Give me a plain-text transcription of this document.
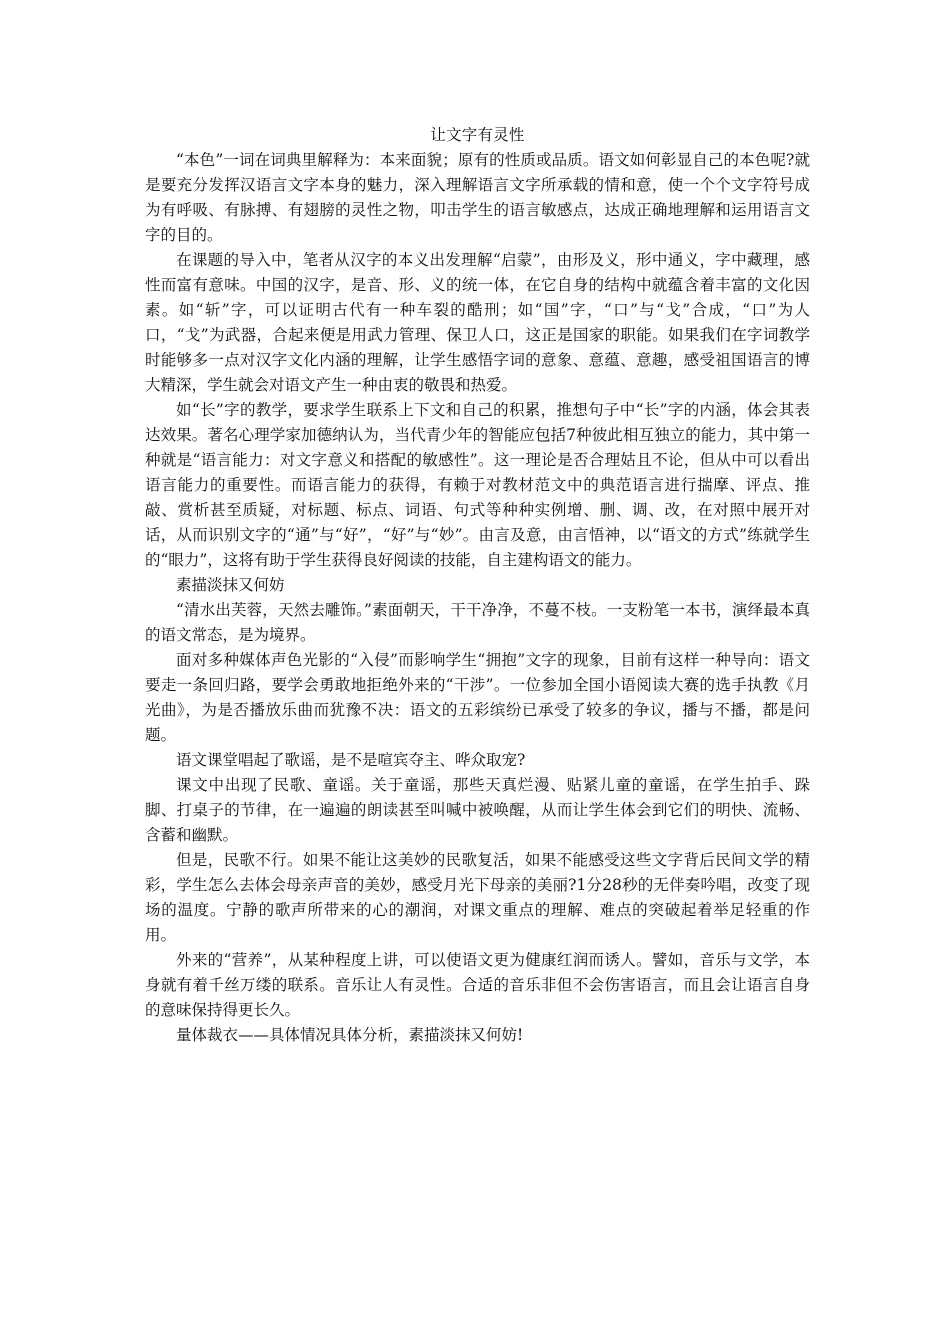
让文字有灵性

“本色”一词在词典里解释为：本来面貌；原有的性质或品质。语文如何彰显自己的本色呢?就是要充分发挥汉语言文字本身的魅力，深入理解语言文字所承载的情和意，使一个个文字符号成为有呼吸、有脉搏、有翅膀的灵性之物，叩击学生的语言敏感点，达成正确地理解和运用语言文字的目的。

在课题的导入中，笔者从汉字的本义出发理解“启蒙”，由形及义，形中通义，字中藏理，感性而富有意味。中国的汉字，是音、形、义的统一体，在它自身的结构中就蕴含着丰富的文化因素。如“斩”字，可以证明古代有一种车裂的酷刑；如“国”字，“口”与“戈”合成，“口”为人口，“戈”为武器，合起来便是用武力管理、保卫人口，这正是国家的职能。如果我们在字词教学时能够多一点对汉字文化内涵的理解，让学生感悟字词的意象、意蕴、意趣，感受祖国语言的博大精深，学生就会对语文产生一种由衷的敬畏和热爱。

如“长”字的教学，要求学生联系上下文和自己的积累，推想句子中“长”字的内涵，体会其表达效果。著名心理学家加德纳认为，当代青少年的智能应包括7种彼此相互独立的能力，其中第一种就是“语言能力：对文字意义和搭配的敏感性”。这一理论是否合理姑且不论，但从中可以看出语言能力的重要性。而语言能力的获得，有赖于对教材范文中的典范语言进行揣摩、评点、推敲、赏析甚至质疑，对标题、标点、词语、句式等种种实例增、删、调、改，在对照中展开对话，从而识别文字的“通”与“好”，“好”与“妙”。由言及意，由言悟神，以“语文的方式”练就学生的“眼力”，这将有助于学生获得良好阅读的技能，自主建构语文的能力。

素描淡抹又何妨

“清水出芙蓉，天然去雕饰。”素面朝天，干干净净，不蔓不枝。一支粉笔一本书，演绎最本真的语文常态，是为境界。

面对多种媒体声色光影的“入侵”而影响学生“拥抱”文字的现象，目前有这样一种导向：语文要走一条回归路，要学会勇敢地拒绝外来的“干涉”。一位参加全国小语阅读大赛的选手执教《月光曲》，为是否播放乐曲而犹豫不决：语文的五彩缤纷已承受了较多的争议，播与不播，都是问题。

语文课堂唱起了歌谣，是不是喧宾夺主、哗众取宠?

课文中出现了民歌、童谣。关于童谣，那些天真烂漫、贴紧儿童的童谣，在学生拍手、跺脚、打桌子的节律，在一遍遍的朗读甚至叫喊中被唤醒，从而让学生体会到它们的明快、流畅、含蓄和幽默。

但是，民歌不行。如果不能让这美妙的民歌复活，如果不能感受这些文字背后民间文学的精彩，学生怎么去体会母亲声音的美妙，感受月光下母亲的美丽?1分28秒的无伴奏吟唱，改变了现场的温度。宁静的歌声所带来的心的潮润，对课文重点的理解、难点的突破起着举足轻重的作用。

外来的“营养”，从某种程度上讲，可以使语文更为健康红润而诱人。譬如，音乐与文学，本身就有着千丝万缕的联系。音乐让人有灵性。合适的音乐非但不会伤害语言，而且会让语言自身的意味保持得更长久。

量体裁衣——具体情况具体分析，素描淡抹又何妨!
